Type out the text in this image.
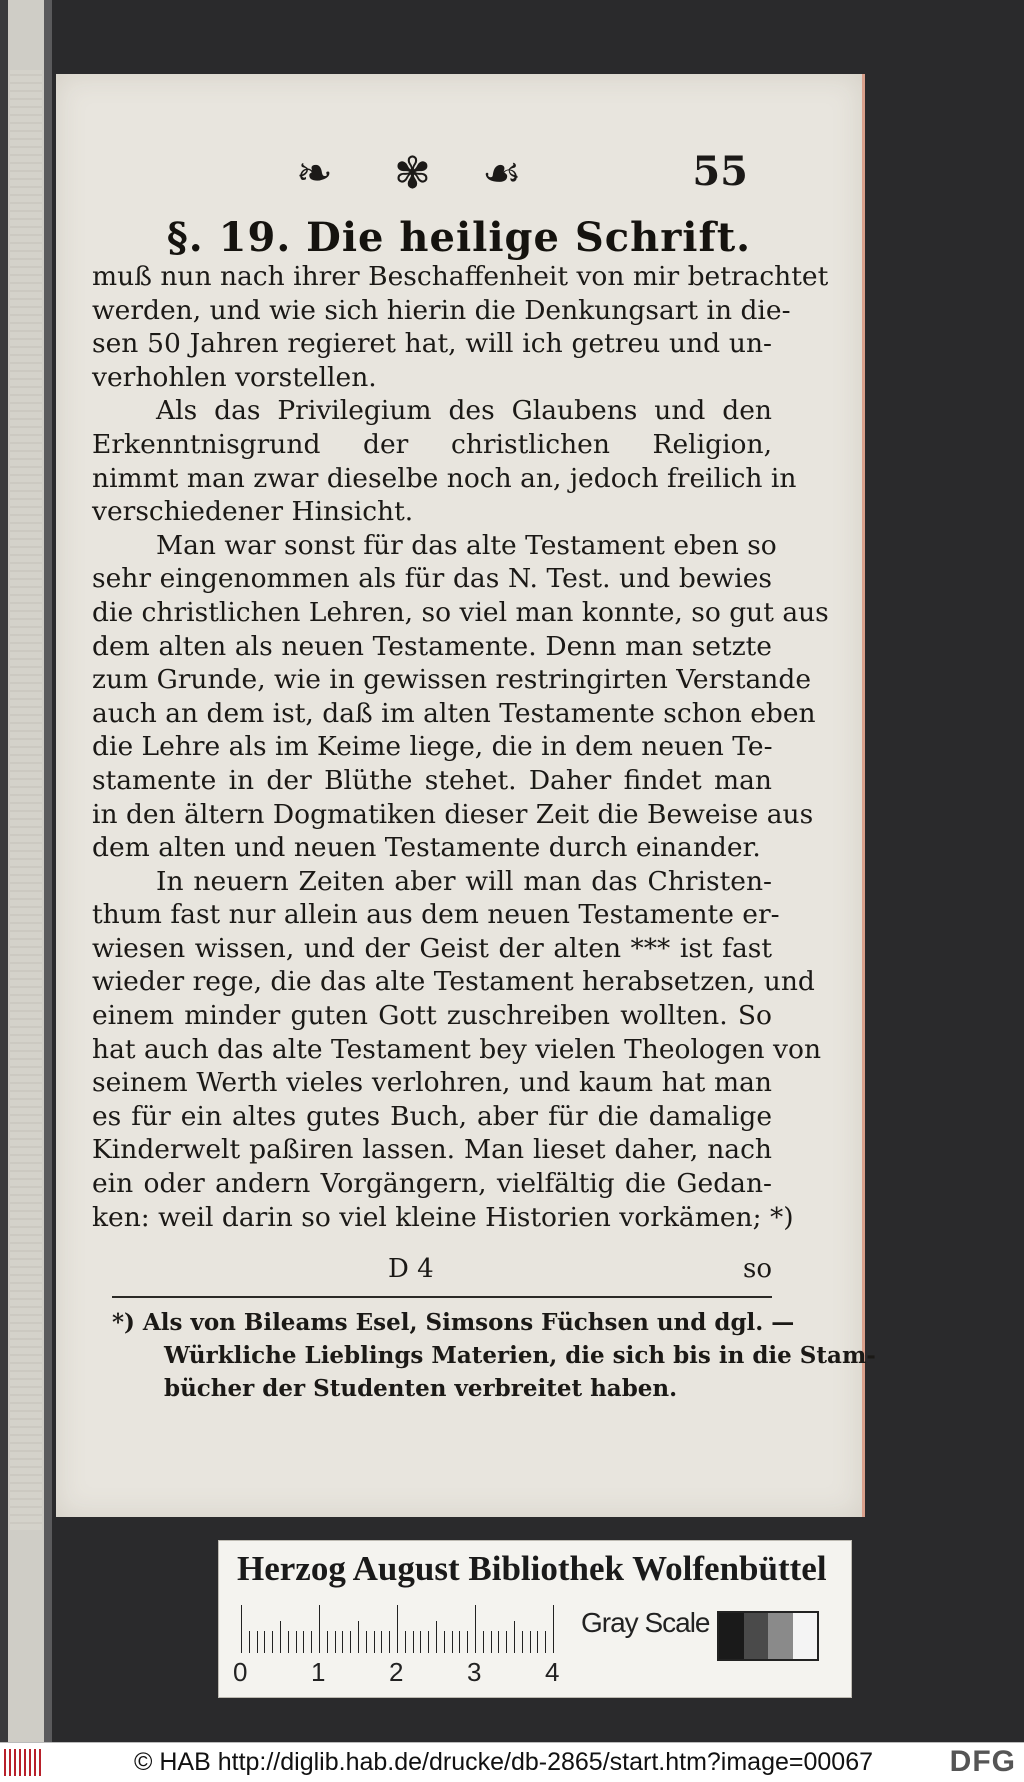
❧ ✾ ☙	55
§. 19. Die heilige Schrift.
muß nun nach ihrer Beschaffenheit von mir betrachtet
werden, und wie sich hierin die Denkungsart in die-
sen 50 Jahren regieret hat, will ich getreu und un-
verhohlen vorstellen.
Als das Privilegium des Glaubens und den
Erkenntnisgrund der christlichen Religion,
nimmt man zwar dieselbe noch an, jedoch freilich in
verschiedener Hinsicht.
Man war sonst für das alte Testament eben so
sehr eingenommen als für das N. Test. und bewies
die christlichen Lehren, so viel man konnte, so gut aus
dem alten als neuen Testamente. Denn man setzte
zum Grunde, wie in gewissen restringirten Verstande
auch an dem ist, daß im alten Testamente schon eben
die Lehre als im Keime liege, die in dem neuen Te-
stamente in der Blüthe stehet. Daher findet man
in den ältern Dogmatiken dieser Zeit die Beweise aus
dem alten und neuen Testamente durch einander.
In neuern Zeiten aber will man das Christen-
thum fast nur allein aus dem neuen Testamente er-
wiesen wissen, und der Geist der alten *** ist fast
wieder rege, die das alte Testament herabsetzen, und
einem minder guten Gott zuschreiben wollten. So
hat auch das alte Testament bey vielen Theologen von
seinem Werth vieles verlohren, und kaum hat man
es für ein altes gutes Buch, aber für die damalige
Kinderwelt paßiren lassen. Man lieset daher, nach
ein oder andern Vorgängern, vielfältig die Gedan-
ken: weil darin so viel kleine Historien vorkämen; *)
D 4	so
*) Als von Bileams Esel, Simsons Füchsen und dgl. —
Würkliche Lieblings Materien, die sich bis in die Stam-
bücher der Studenten verbreitet haben.
Herzog August Bibliothek Wolfenbüttel
0 1 2 3 4
Gray Scale
© HAB http://diglib.hab.de/drucke/db-2865/start.htm?image=00067	DFG
